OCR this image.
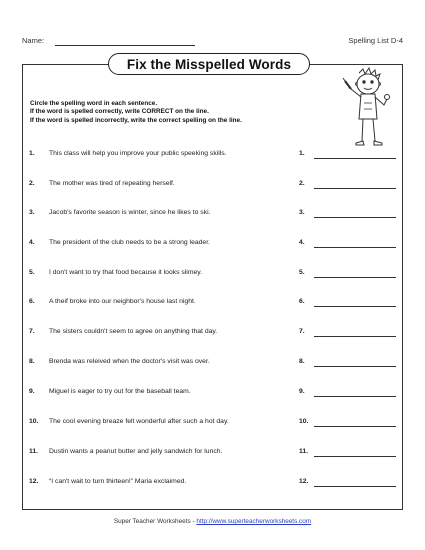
Name:	Spelling List D-4
Fix the Misspelled Words
Circle the spelling word in each sentence.
If the word is spelled correctly, write CORRECT on the line.
If the word is spelled incorrectly, write the correct spelling on the line.
1. This class will help you improve your public speeking skills.	1.
2. The mother was tired of repeating herself.	2.
3. Jacob's favorite season is winter, since he likes to ski.	3.
4. The president of the club needs to be a strong leader.	4.
5. I don't want to try that food because it looks slimey.	5.
6. A theif broke into our neighbor's house last night.	6.
7. The sisters couldn't seem to agree on anything that day.	7.
8. Brenda was releived when the doctor's visit was over.	8.
9. Miguel is eager to try out for the baseball team.	9.
10. The cool evening breaze felt wonderful after such a hot day.	10.
11. Dustin wants a peanut butter and jelly sandwich for lunch.	11.
12. “I can't wait to turn thirteen!” Maria exclaimed.	12.
Super Teacher Worksheets - http://www.superteacherworksheets.com
